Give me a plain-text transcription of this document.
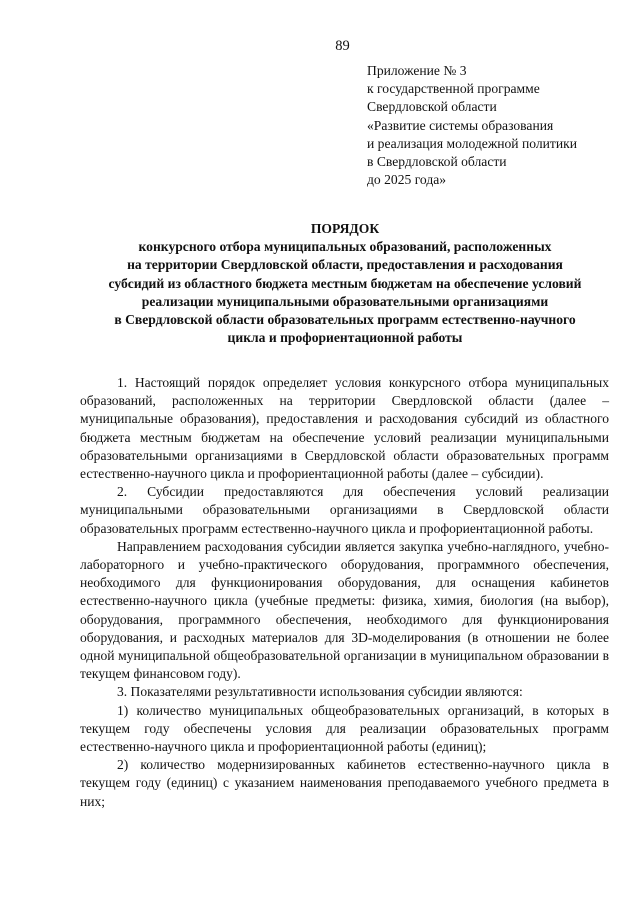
89
Приложение № 3
к государственной программе
Свердловской области
«Развитие системы образования
и реализация молодежной политики
в Свердловской области
до 2025 года»
ПОРЯДОК
конкурсного отбора муниципальных образований, расположенных
на территории Свердловской области, предоставления и расходования
субсидий из областного бюджета местным бюджетам на обеспечение условий
реализации муниципальными образовательными организациями
в Свердловской области образовательных программ естественно-научного
цикла и профориентационной работы

1. Настоящий порядок определяет условия конкурсного отбора муниципальных образований, расположенных на территории Свердловской области (далее – муниципальные образования), предоставления и расходования субсидий из областного бюджета местным бюджетам на обеспечение условий реализации муниципальными образовательными организациями в Свердловской области образовательных программ естественно-научного цикла и профориентационной работы (далее – субсидии).

2. Субсидии предоставляются для обеспечения условий реализации муниципальными образовательными организациями в Свердловской области образовательных программ естественно-научного цикла и профориентационной работы.

Направлением расходования субсидии является закупка учебно-наглядного, учебно-лабораторного и учебно-практического оборудования, программного обеспечения, необходимого для функционирования оборудования, для оснащения кабинетов естественно-научного цикла (учебные предметы: физика, химия, биология (на выбор), оборудования, программного обеспечения, необходимого для функционирования оборудования, и расходных материалов для 3D-моделирования (в отношении не более одной муниципальной общеобразовательной организации в муниципальном образовании в текущем финансовом году).

3. Показателями результативности использования субсидии являются:

1) количество муниципальных общеобразовательных организаций, в которых в текущем году обеспечены условия для реализации образовательных программ естественно-научного цикла и профориентационной работы (единиц);

2) количество модернизированных кабинетов естественно-научного цикла в текущем году (единиц) с указанием наименования преподаваемого учебного предмета в них;
